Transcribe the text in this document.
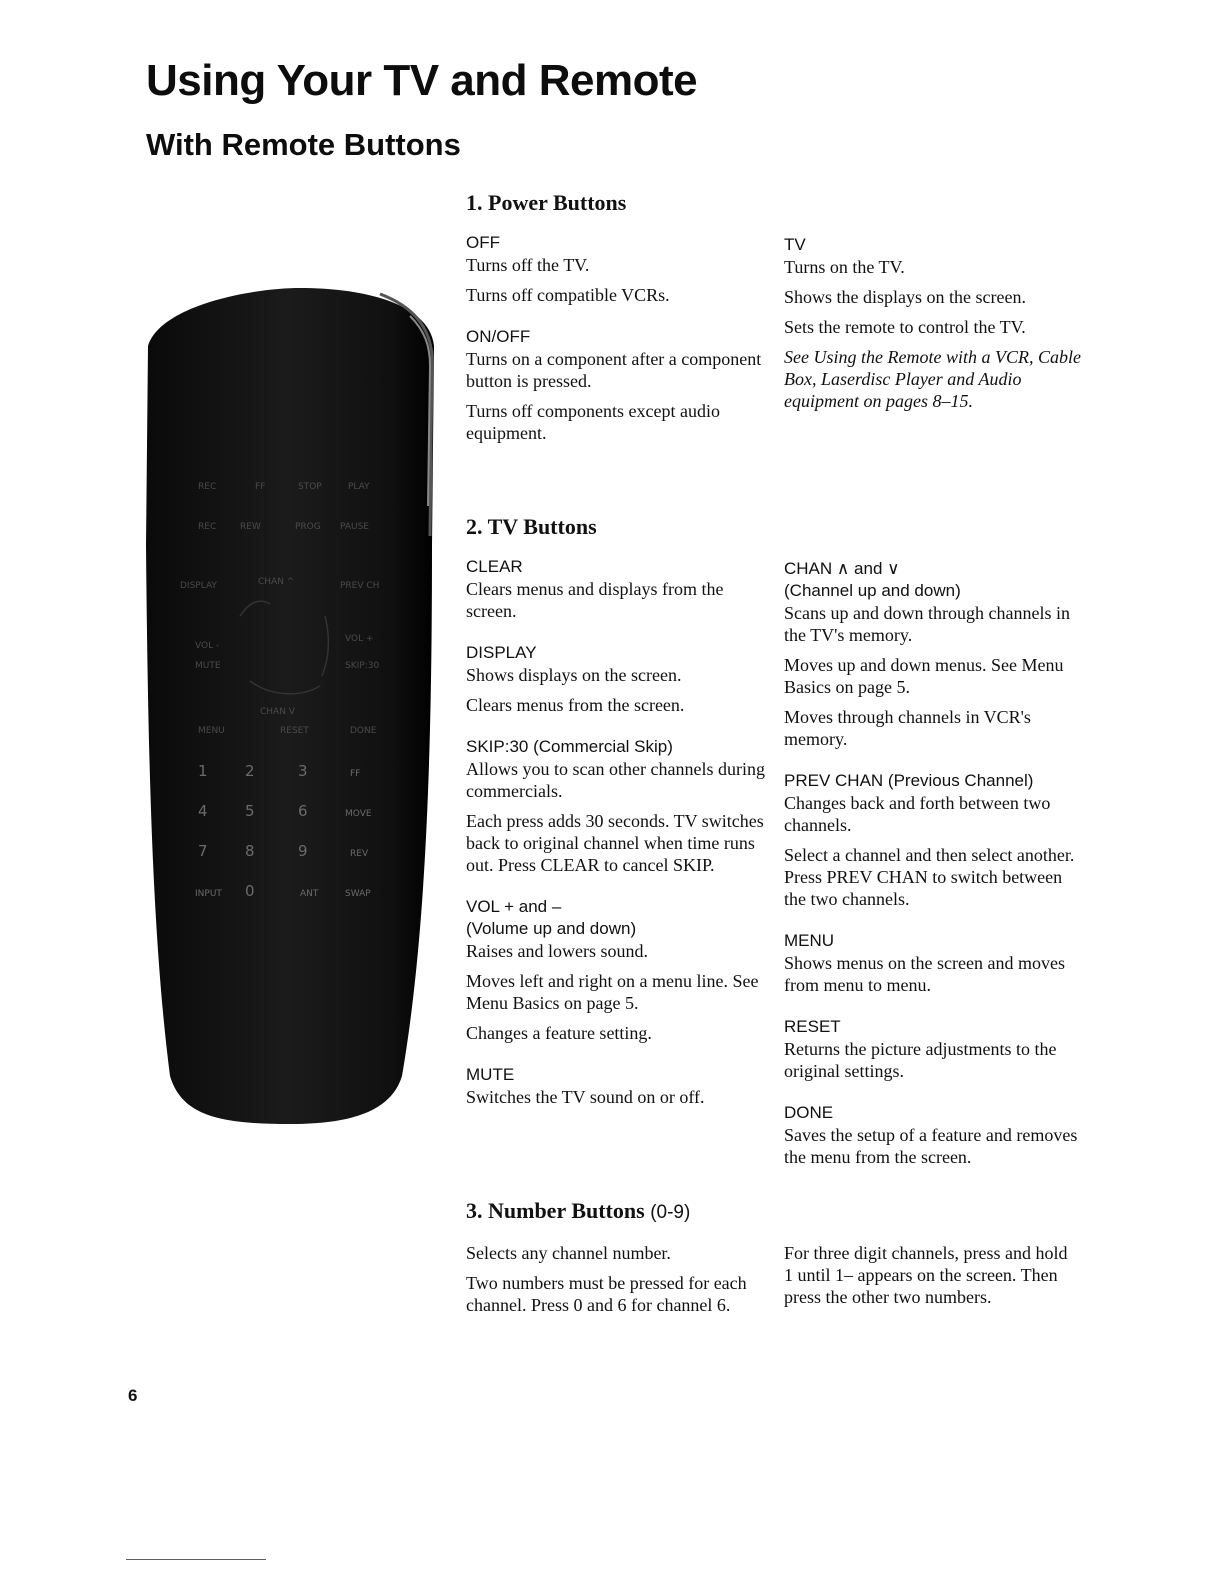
Using Your TV and Remote
With Remote Buttons
REC	FF	STOP	PLAY
REC	REW	PROG PAUSE
DISPLAY	CHAN ^	PREV CH
VOL -
VOL +
MUTE	SKIP:30
CHAN V
MENU	RESET	DONE
1 2	3	FF
4 5	6	MOVE
7 8	9	REV
INPUT 0	ANT	SWAP
1. Power Buttons

OFF

Turns off the TV.

Turns off compatible VCRs.

ON/OFF

Turns on a component after a component button is pressed.

Turns off components except audio equipment.

TV

Turns on the TV.

Shows the displays on the screen.

Sets the remote to control the TV.

See Using the Remote with a VCR, Cable Box, Laserdisc Player and Audio equipment on pages 8–15.

2. TV Buttons

CLEAR

Clears menus and displays from the screen.

DISPLAY

Shows displays on the screen.

Clears menus from the screen.

SKIP:30 (Commercial Skip)

Allows you to scan other channels during commercials.

Each press adds 30 seconds. TV switches back to original channel when time runs out. Press CLEAR to cancel SKIP.

VOL + and –

(Volume up and down)

Raises and lowers sound.

Moves left and right on a menu line. See Menu Basics on page 5.

Changes a feature setting.

MUTE

Switches the TV sound on or off.

CHAN ∧ and ∨

(Channel up and down)

Scans up and down through channels in the TV's memory.

Moves up and down menus. See Menu Basics on page 5.

Moves through channels in VCR's memory.

PREV CHAN (Previous Channel)

Changes back and forth between two channels.

Select a channel and then select another. Press PREV CHAN to switch between the two channels.

MENU

Shows menus on the screen and moves from menu to menu.

RESET

Returns the picture adjustments to the original settings.

DONE

Saves the setup of a feature and removes the menu from the screen.

3. Number Buttons (0-9)

Selects any channel number.

Two numbers must be pressed for each channel. Press 0 and 6 for channel 6.

For three digit channels, press and hold 1 until 1– appears on the screen. Then press the other two numbers.

6
